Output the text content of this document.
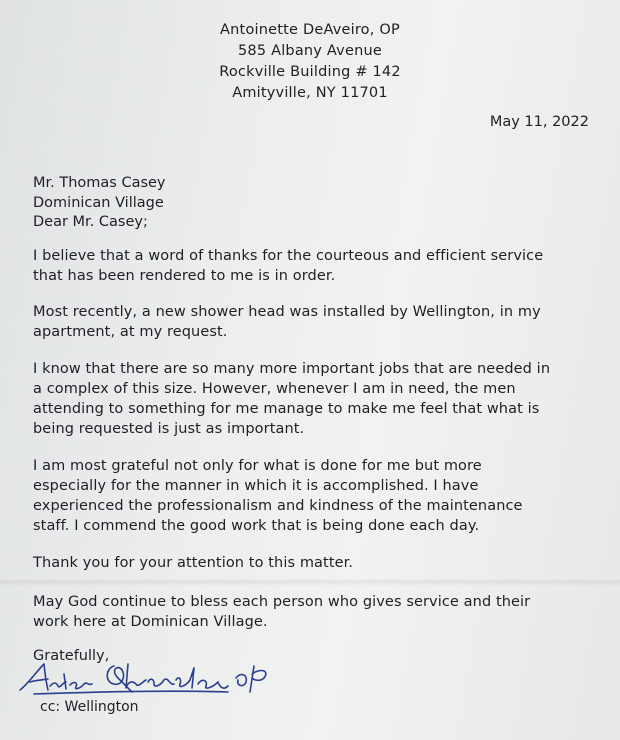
Antoinette DeAveiro, OP
585 Albany Avenue
Rockville Building # 142
Amityville, NY 11701
May 11, 2022
Mr. Thomas Casey
Dominican Village
Dear Mr. Casey;
I believe that a word of thanks for the courteous and efficient service
that has been rendered to me is in order.
Most recently, a new shower head was installed by Wellington, in my
apartment, at my request.
I know that there are so many more important jobs that are needed in
a complex of this size. However, whenever I am in need, the men
attending to something for me manage to make me feel that what is
being requested is just as important.
I am most grateful not only for what is done for me but more
especially for the manner in which it is accomplished. I have
experienced the professionalism and kindness of the maintenance
staff. I commend the good work that is being done each day.
Thank you for your attention to this matter.
May God continue to bless each person who gives service and their
work here at Dominican Village.
Gratefully,
cc: Wellington
